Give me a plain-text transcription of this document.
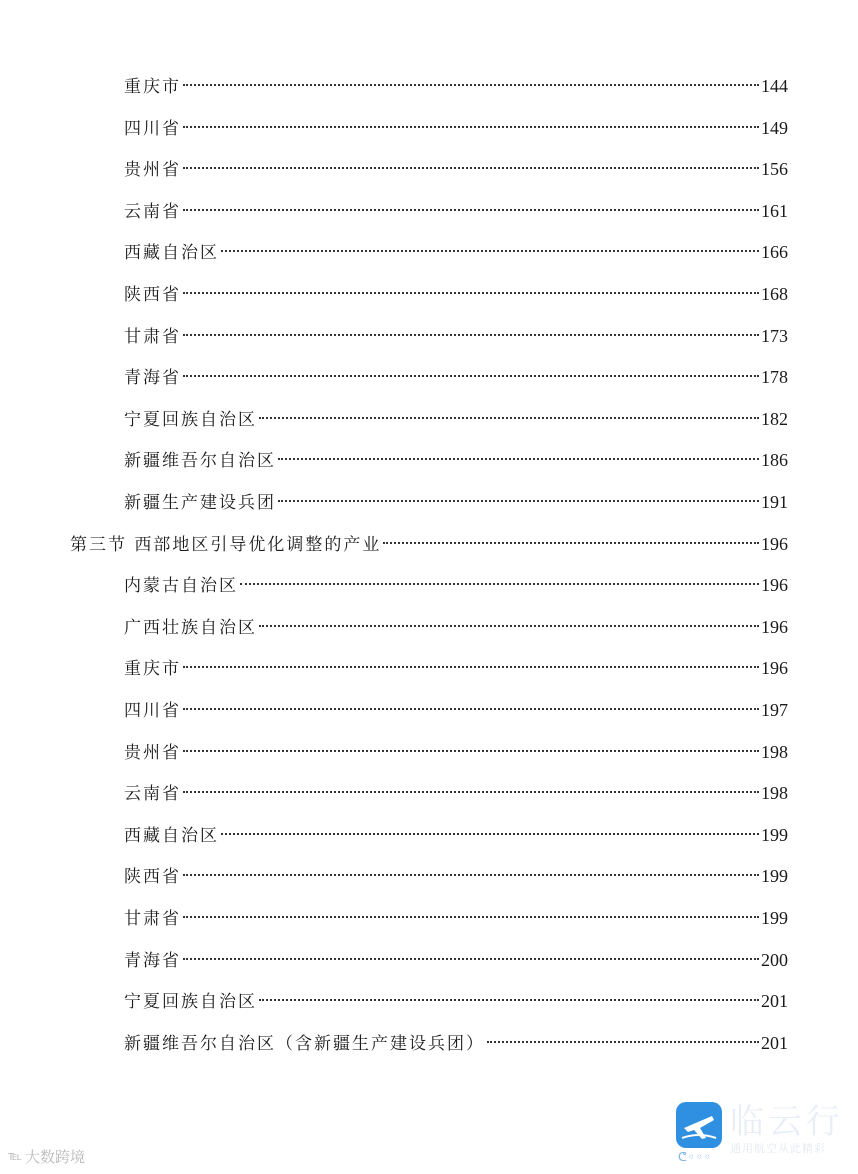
重庆市	144
四川省	149
贵州省	156
云南省	161
西藏自治区	166
陕西省	168
甘肃省	173
青海省	178
宁夏回族自治区	182
新疆维吾尔自治区	186
新疆生产建设兵团	191
第三节 西部地区引导优化调整的产业	196
内蒙古自治区	196
广西壮族自治区	196
重庆市	196
四川省	197
贵州省	198
云南省	198
西藏自治区	199
陕西省	199
甘肃省	199
青海省	200
宁夏回族自治区	201
新疆维吾尔自治区（含新疆生产建设兵团）	201
℡ 大数跨境
临云行
通用航空从此精彩
ᕦ◦◦◦
